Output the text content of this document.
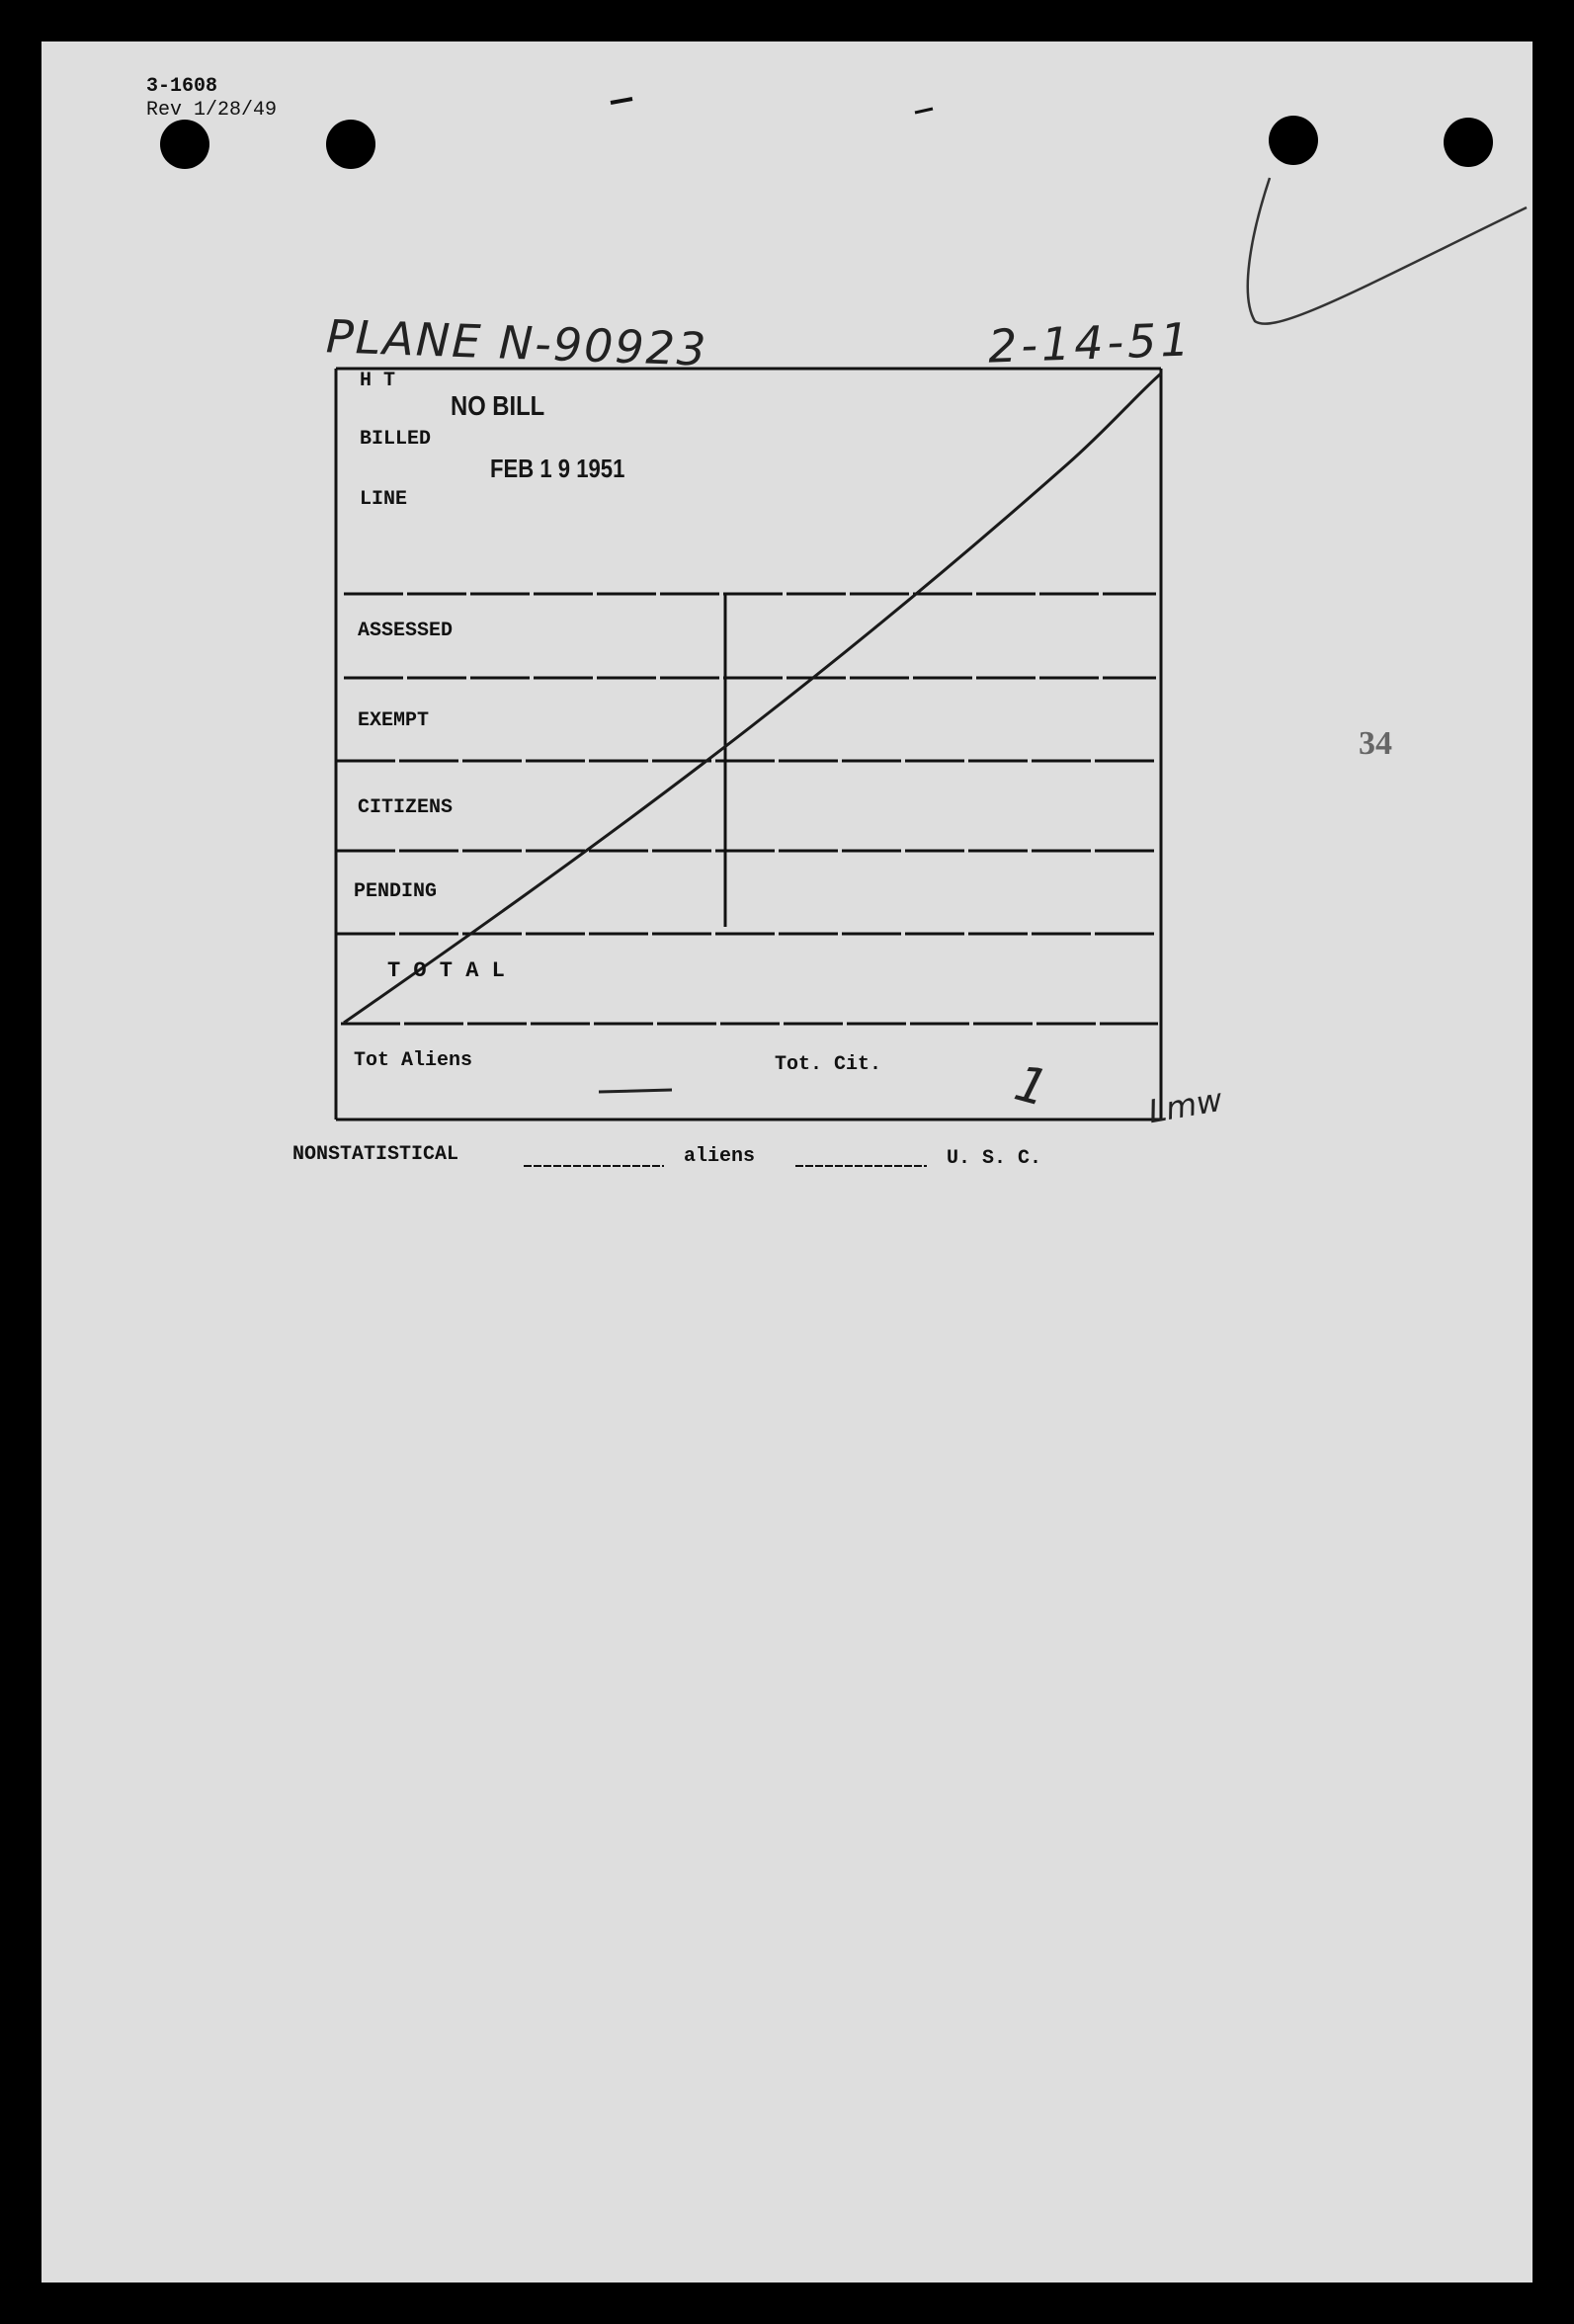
3-1608
Rev 1/28/49
PLANE N-90923	2-14-51
H T
BILLED
LINE
ASSESSED
EXEMPT
CITIZENS
PENDING
T O T A L
Tot Aliens	Tot. Cit.
NO BILL
FEB 1 9 1951
1	Lmw
NONSTATISTICAL	aliens	U. S. C.
34
